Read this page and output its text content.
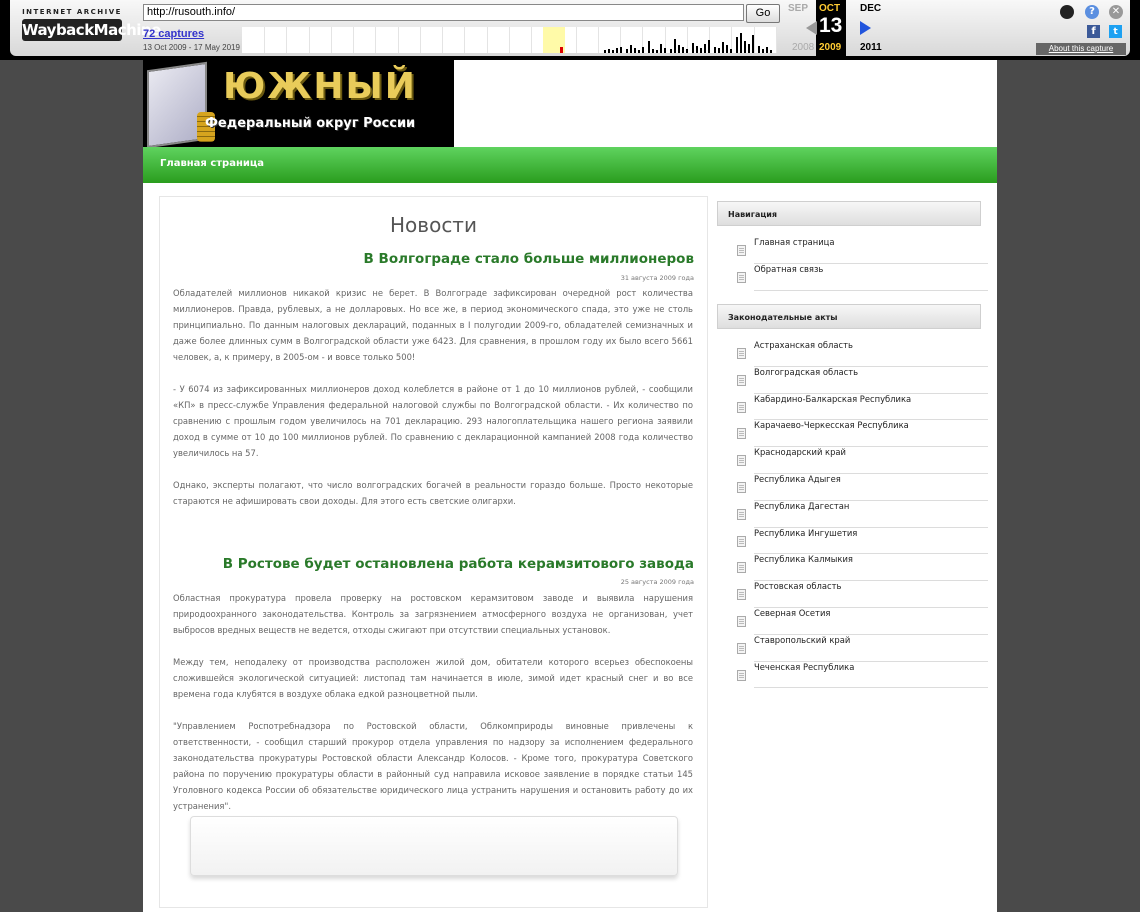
INTERNET ARCHIVE
WaybackMachine
http://rusouth.info/	Go
72 captures
13 Oct 2009 - 17 May 2019
SEP OCT DEC
13
2008 2009 2011
?	✕
f	t
About this capture
ЮЖНЫЙ
Федеральный округ России
Главная страница
Новости
В Волгограде стало больше миллионеров
31 августа 2009 года

Обладателей миллионов никакой кризис не берет. В Волгограде зафиксирован очередной рост количества миллионеров. Правда, рублевых, а не долларовых. Но все же, в период экономического спада, это уже не столь принципиально. По данным налоговых деклараций, поданных в I полугодии 2009-го, обладателей семизначных и даже более длинных сумм в Волгоградской области уже 6423. Для сравнения, в прошлом году их было всего 5661 человек, а, к примеру, в 2005-ом - и вовсе только 500!

- У 6074 из зафиксированных миллионеров доход колеблется в районе от 1 до 10 миллионов рублей, - сообщили «КП» в пресс-службе Управления федеральной налоговой службы по Волгоградской области. - Их количество по сравнению с прошлым годом увеличилось на 701 декларацию. 293 налогоплательщика нашего региона заявили доход в сумме от 10 до 100 миллионов рублей. По сравнению с декларационной кампанией 2008 года количество увеличилось на 57.

Однако, эксперты полагают, что число волгоградских богачей в реальности гораздо больше. Просто некоторые стараются не афишировать свои доходы. Для этого есть светские олигархи.

В Ростове будет остановлена работа керамзитового завода
25 августа 2009 года

Областная прокуратура провела проверку на ростовском керамзитовом заводе и выявила нарушения природоохранного законодательства. Контроль за загрязнением атмосферного воздуха не организован, учет выбросов вредных веществ не ведется, отходы сжигают при отсутствии специальных установок.

Между тем, неподалеку от производства расположен жилой дом, обитатели которого всерьез обеспокоены сложившейся экологической ситуацией: листопад там начинается в июле, зимой идет красный снег и во все времена года клубятся в воздухе облака едкой разноцветной пыли.

"Управлением Роспотребнадзора по Ростовской области, Облкомприроды виновные привлечены к ответственности, - сообщил старший прокурор отдела управления по надзору за исполнением федерального законодательства прокуратуры Ростовской области Александр Колосов. - Кроме того, прокуратура Советского района по поручению прокуратуры области в районный суд направила исковое заявление в порядке статьи 145 Уголовного кодекса России об обязательстве юридического лица устранить нарушения и остановить работу до их устранения".

Навигация
Главная страница
Обратная связь
Законодательные акты
Астраханская область
Волгоградская область
Кабардино-Балкарская Республика
Карачаево-Черкесская Республика
Краснодарский край
Республика Адыгея
Республика Дагестан
Республика Ингушетия
Республика Калмыкия
Ростовская область
Северная Осетия
Ставропольский край
Чеченская Республика
